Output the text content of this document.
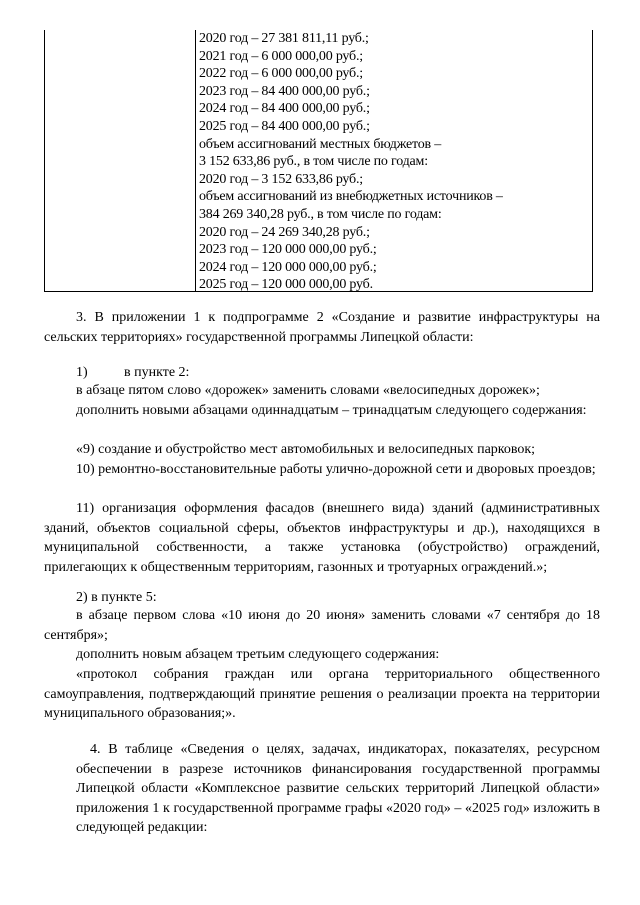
2020 год – 27 381 811,11 руб.;
2021 год – 6 000 000,00 руб.;
2022 год – 6 000 000,00 руб.;
2023 год – 84 400 000,00 руб.;
2024 год – 84 400 000,00 руб.;
2025 год – 84 400 000,00 руб.;
объем ассигнований местных бюджетов –
3 152 633,86 руб., в том числе по годам:
2020 год – 3 152 633,86 руб.;
объем ассигнований из внебюджетных источников –
384 269 340,28 руб., в том числе по годам:
2020 год – 24 269 340,28 руб.;
2023 год – 120 000 000,00 руб.;
2024 год – 120 000 000,00 руб.;
2025 год – 120 000 000,00 руб.

3. В приложении 1 к подпрограмме 2 «Создание и развитие инфраструктуры на сельских территориях» государственной программы Липецкой области:

1)	в пункте 2:

в абзаце пятом слово «дорожек» заменить словами «велосипедных дорожек»;

дополнить новыми абзацами одиннадцатым – тринадцатым следующего содержания:

«9) создание и обустройство мест автомобильных и велосипедных парковок;

10) ремонтно-восстановительные работы улично-дорожной сети и дворовых проездов;

11) организация оформления фасадов (внешнего вида) зданий (административных зданий, объектов социальной сферы, объектов инфраструктуры и др.), находящихся в муниципальной собственности, а также установка (обустройство) ограждений, прилегающих к общественным территориям, газонных и тротуарных ограждений.»;

2) в пункте 5:

в абзаце первом слова «10 июня до 20 июня» заменить словами «7 сентября до 18 сентября»;

дополнить новым абзацем третьим следующего содержания:

«протокол собрания граждан или органа территориального общественного самоуправления, подтверждающий принятие решения о реализации проекта на территории муниципального образования;».

4. В таблице «Сведения о целях, задачах, индикаторах, показателях, ресурсном обеспечении в разрезе источников финансирования государственной программы Липецкой области «Комплексное развитие сельских территорий Липецкой области» приложения 1 к государственной программе графы «2020 год» – «2025 год» изложить в следующей редакции:
